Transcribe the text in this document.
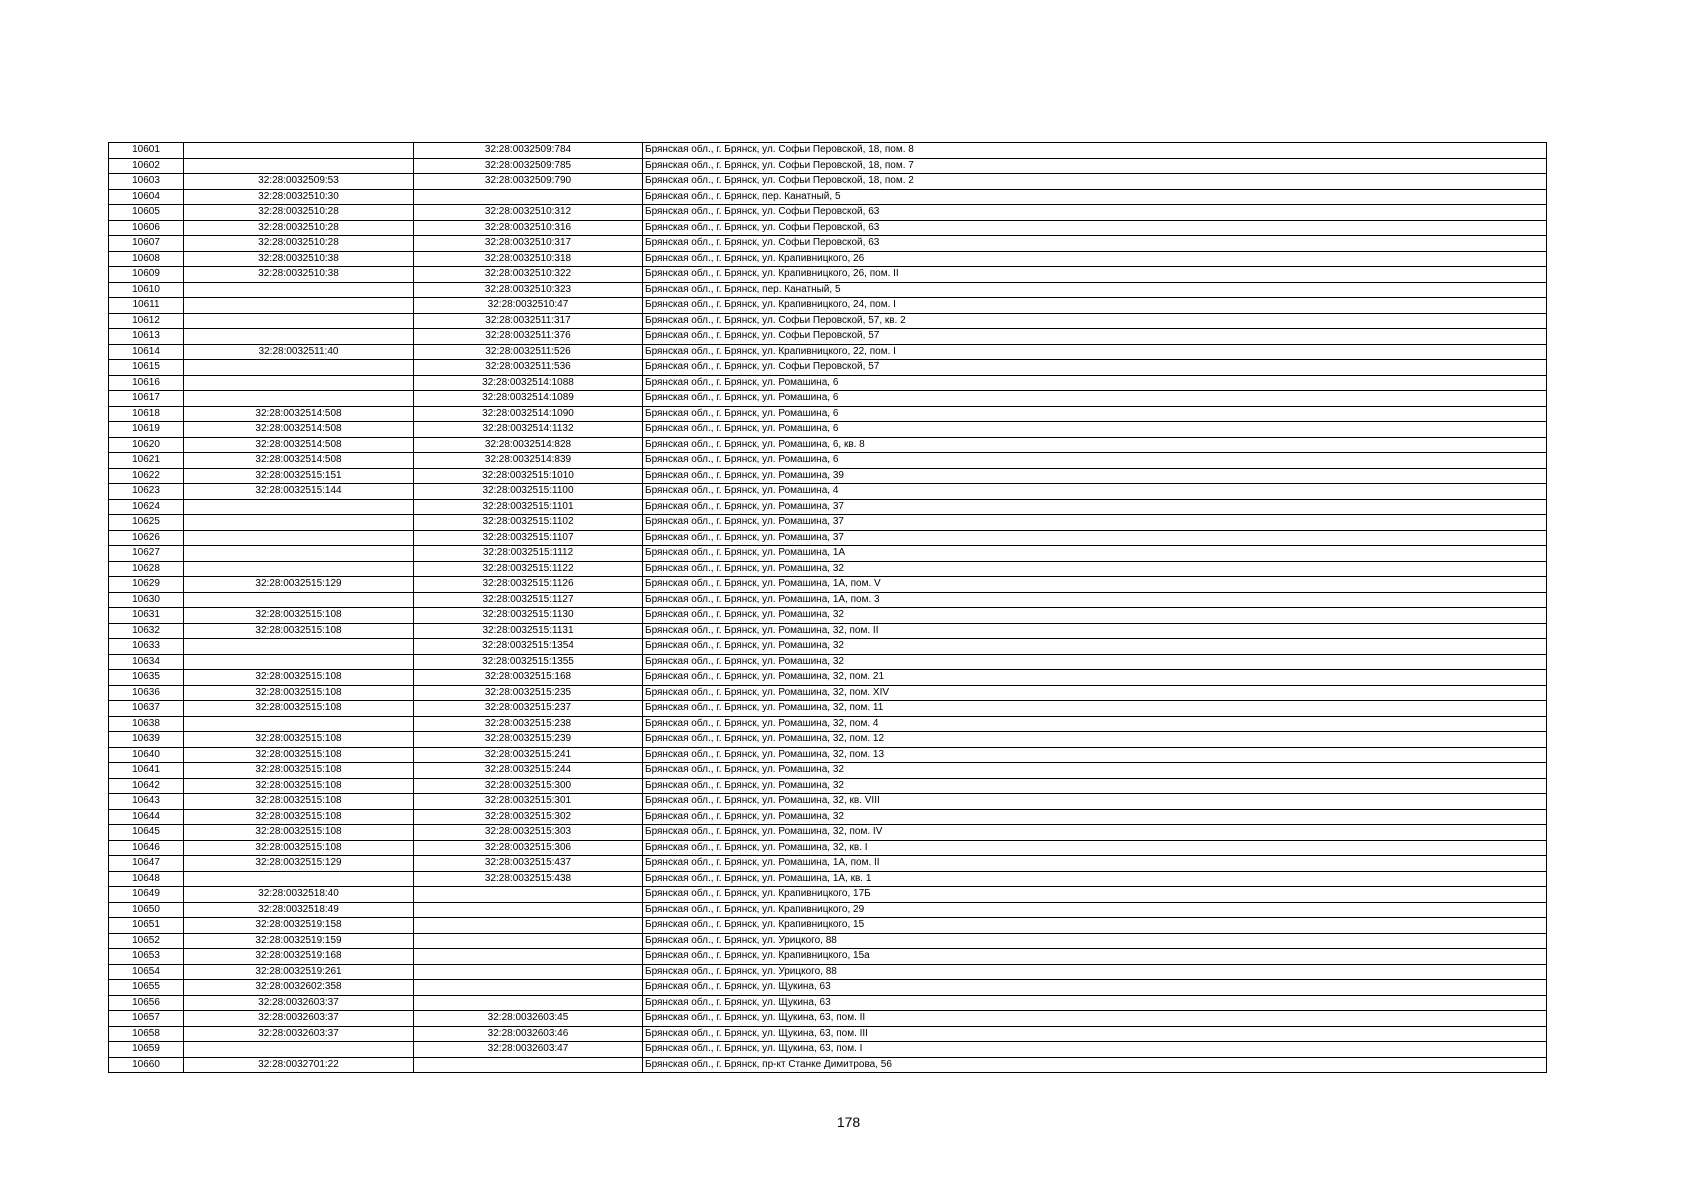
10601		32:28:0032509:784	Брянская обл., г. Брянск, ул. Софьи Перовской, 18, пом. 8
10602		32:28:0032509:785	Брянская обл., г. Брянск, ул. Софьи Перовской, 18, пом. 7
10603	32:28:0032509:53	32:28:0032509:790	Брянская обл., г. Брянск, ул. Софьи Перовской, 18, пом. 2
10604	32:28:0032510:30		Брянская обл., г. Брянск, пер. Канатный, 5
10605	32:28:0032510:28	32:28:0032510:312	Брянская обл., г. Брянск, ул. Софьи Перовской, 63
10606	32:28:0032510:28	32:28:0032510:316	Брянская обл., г. Брянск, ул. Софьи Перовской, 63
10607	32:28:0032510:28	32:28:0032510:317	Брянская обл., г. Брянск, ул. Софьи Перовской, 63
10608	32:28:0032510:38	32:28:0032510:318	Брянская обл., г. Брянск, ул. Крапивницкого, 26
10609	32:28:0032510:38	32:28:0032510:322	Брянская обл., г. Брянск, ул. Крапивницкого, 26, пом. II
10610		32:28:0032510:323	Брянская обл., г. Брянск, пер. Канатный, 5
10611		32:28:0032510:47	Брянская обл., г. Брянск, ул. Крапивницкого, 24, пом. I
10612		32:28:0032511:317	Брянская обл., г. Брянск, ул. Софьи Перовской, 57, кв. 2
10613		32:28:0032511:376	Брянская обл., г. Брянск, ул. Софьи Перовской, 57
10614	32:28:0032511:40	32:28:0032511:526	Брянская обл., г. Брянск, ул. Крапивницкого, 22, пом. I
10615		32:28:0032511:536	Брянская обл., г. Брянск, ул. Софьи Перовской, 57
10616		32:28:0032514:1088	Брянская обл., г. Брянск, ул. Ромашина, 6
10617		32:28:0032514:1089	Брянская обл., г. Брянск, ул. Ромашина, 6
10618	32:28:0032514:508	32:28:0032514:1090	Брянская обл., г. Брянск, ул. Ромашина, 6
10619	32:28:0032514:508	32:28:0032514:1132	Брянская обл., г. Брянск, ул. Ромашина, 6
10620	32:28:0032514:508	32:28:0032514:828	Брянская обл., г. Брянск, ул. Ромашина, 6, кв. 8
10621	32:28:0032514:508	32:28:0032514:839	Брянская обл., г. Брянск, ул. Ромашина, 6
10622	32:28:0032515:151	32:28:0032515:1010	Брянская обл., г. Брянск, ул. Ромашина, 39
10623	32:28:0032515:144	32:28:0032515:1100	Брянская обл., г. Брянск, ул. Ромашина, 4
10624		32:28:0032515:1101	Брянская обл., г. Брянск, ул. Ромашина, 37
10625		32:28:0032515:1102	Брянская обл., г. Брянск, ул. Ромашина, 37
10626		32:28:0032515:1107	Брянская обл., г. Брянск, ул. Ромашина, 37
10627		32:28:0032515:1112	Брянская обл., г. Брянск, ул. Ромашина, 1А
10628		32:28:0032515:1122	Брянская обл., г. Брянск, ул. Ромашина, 32
10629	32:28:0032515:129	32:28:0032515:1126	Брянская обл., г. Брянск, ул. Ромашина, 1А, пом. V
10630		32:28:0032515:1127	Брянская обл., г. Брянск, ул. Ромашина, 1А, пом. 3
10631	32:28:0032515:108	32:28:0032515:1130	Брянская обл., г. Брянск, ул. Ромашина, 32
10632	32:28:0032515:108	32:28:0032515:1131	Брянская обл., г. Брянск, ул. Ромашина, 32, пом. II
10633		32:28:0032515:1354	Брянская обл., г. Брянск, ул. Ромашина, 32
10634		32:28:0032515:1355	Брянская обл., г. Брянск, ул. Ромашина, 32
10635	32:28:0032515:108	32:28:0032515:168	Брянская обл., г. Брянск, ул. Ромашина, 32, пом. 21
10636	32:28:0032515:108	32:28:0032515:235	Брянская обл., г. Брянск, ул. Ромашина, 32, пом. XIV
10637	32:28:0032515:108	32:28:0032515:237	Брянская обл., г. Брянск, ул. Ромашина, 32, пом. 11
10638		32:28:0032515:238	Брянская обл., г. Брянск, ул. Ромашина, 32, пом. 4
10639	32:28:0032515:108	32:28:0032515:239	Брянская обл., г. Брянск, ул. Ромашина, 32, пом. 12
10640	32:28:0032515:108	32:28:0032515:241	Брянская обл., г. Брянск, ул. Ромашина, 32, пом. 13
10641	32:28:0032515:108	32:28:0032515:244	Брянская обл., г. Брянск, ул. Ромашина, 32
10642	32:28:0032515:108	32:28:0032515:300	Брянская обл., г. Брянск, ул. Ромашина, 32
10643	32:28:0032515:108	32:28:0032515:301	Брянская обл., г. Брянск, ул. Ромашина, 32, кв. VIII
10644	32:28:0032515:108	32:28:0032515:302	Брянская обл., г. Брянск, ул. Ромашина, 32
10645	32:28:0032515:108	32:28:0032515:303	Брянская обл., г. Брянск, ул. Ромашина, 32, пом. IV
10646	32:28:0032515:108	32:28:0032515:306	Брянская обл., г. Брянск, ул. Ромашина, 32, кв. I
10647	32:28:0032515:129	32:28:0032515:437	Брянская обл., г. Брянск, ул. Ромашина, 1А, пом. II
10648		32:28:0032515:438	Брянская обл., г. Брянск, ул. Ромашина, 1А, кв. 1
10649	32:28:0032518:40		Брянская обл., г. Брянск, ул. Крапивницкого, 17Б
10650	32:28:0032518:49		Брянская обл., г. Брянск, ул. Крапивницкого, 29
10651	32:28:0032519:158		Брянская обл., г. Брянск, ул. Крапивницкого, 15
10652	32:28:0032519:159		Брянская обл., г. Брянск, ул. Урицкого, 88
10653	32:28:0032519:168		Брянская обл., г. Брянск, ул. Крапивницкого, 15а
10654	32:28:0032519:261		Брянская обл., г. Брянск, ул. Урицкого, 88
10655	32:28:0032602:358		Брянская обл., г. Брянск, ул. Щукина, 63
10656	32:28:0032603:37		Брянская обл., г. Брянск, ул. Щукина, 63
10657	32:28:0032603:37	32:28:0032603:45	Брянская обл., г. Брянск, ул. Щукина, 63, пом. II
10658	32:28:0032603:37	32:28:0032603:46	Брянская обл., г. Брянск, ул. Щукина, 63, пом. III
10659		32:28:0032603:47	Брянская обл., г. Брянск, ул. Щукина, 63, пом. I
10660	32:28:0032701:22		Брянская обл., г. Брянск, пр-кт Станке Димитрова, 56
178
